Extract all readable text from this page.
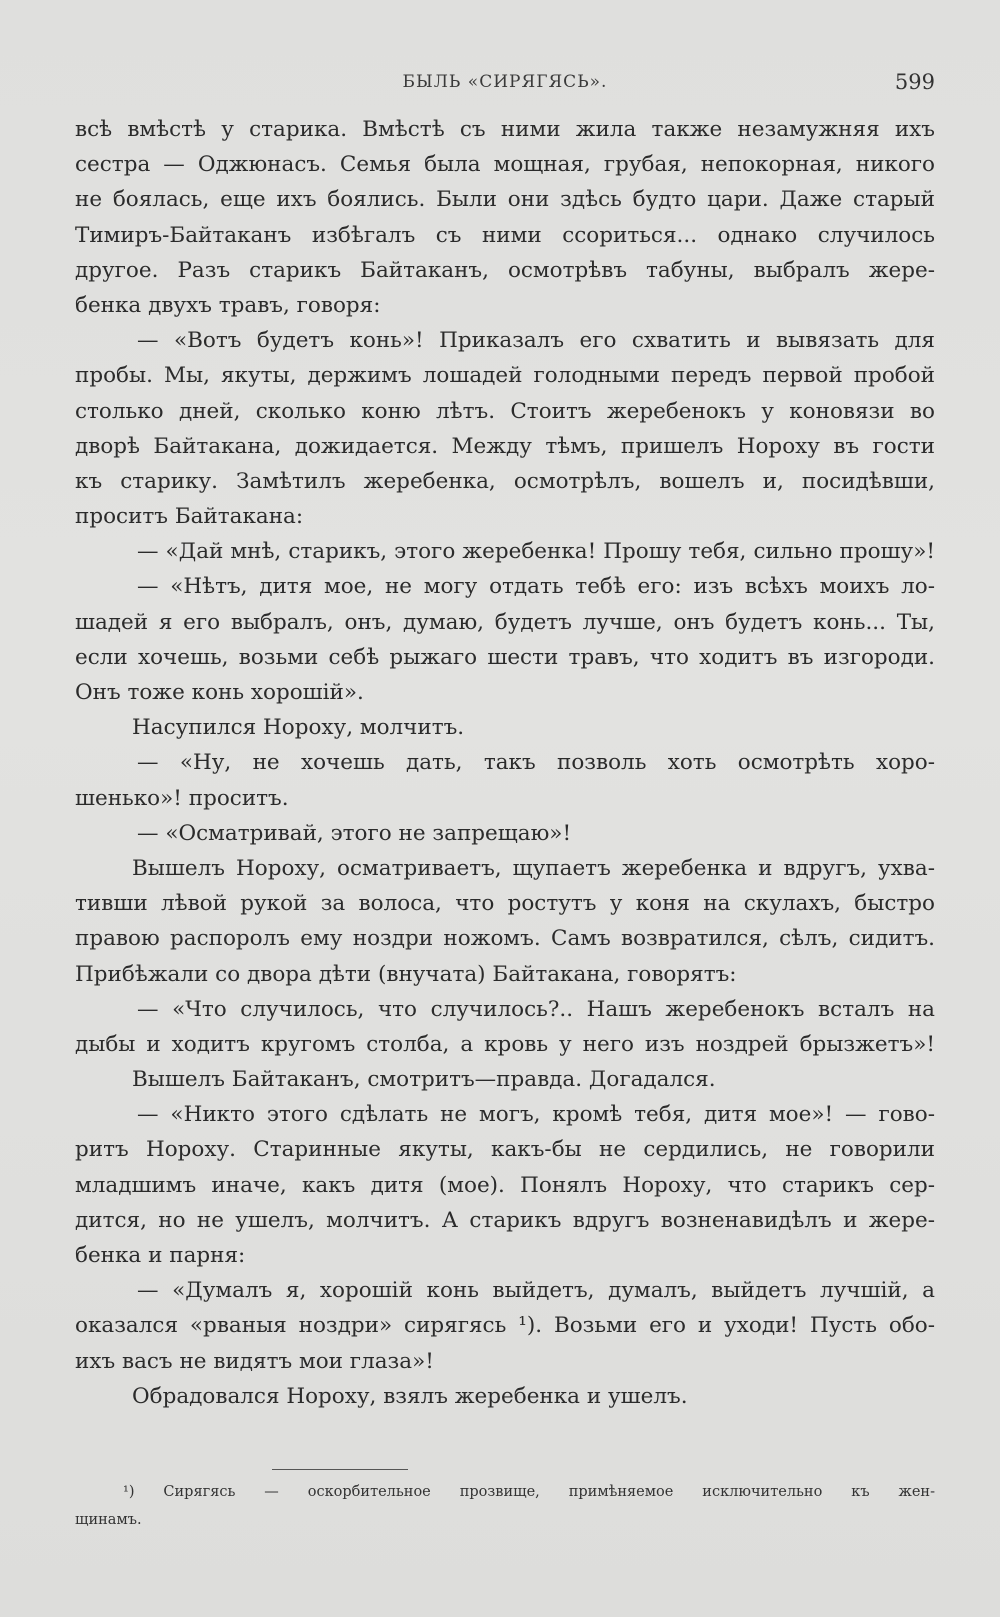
БЫЛЬ «СИРЯГЯСЬ».	599
всѣ вмѣстѣ у старика. Вмѣстѣ съ ними жила также незамужняя ихъ
сестра — Оджюнасъ. Семья была мощная, грубая, непокорная, никого
не боялась, еще ихъ боялись. Были они здѣсь будто цари. Даже старый
Тимиръ-Байтаканъ избѣгалъ съ ними ссориться... однако случилось
другое. Разъ старикъ Байтаканъ, осмотрѣвъ табуны, выбралъ жере-
бенка двухъ травъ, говоря:
— «Вотъ будетъ конь»! Приказалъ его схватить и вывязать для
пробы. Мы, якуты, держимъ лошадей голодными передъ первой пробой
столько дней, сколько коню лѣтъ. Стоитъ жеребенокъ у коновязи во
дворѣ Байтакана, дожидается. Между тѣмъ, пришелъ Нороху въ гости
къ старику. Замѣтилъ жеребенка, осмотрѣлъ, вошелъ и, посидѣвши,
проситъ Байтакана:
— «Дай мнѣ, старикъ, этого жеребенка! Прошу тебя, сильно прошу»!
— «Нѣтъ, дитя мое, не могу отдать тебѣ его: изъ всѣхъ моихъ ло-
шадей я его выбралъ, онъ, думаю, будетъ лучше, онъ будетъ конь... Ты,
если хочешь, возьми себѣ рыжаго шести травъ, что ходитъ въ изгороди.
Онъ тоже конь хорошій».
Насупился Нороху, молчитъ.
— «Ну, не хочешь дать, такъ позволь хоть осмотрѣть хоро-
шенько»! проситъ.
— «Осматривай, этого не запрещаю»!
Вышелъ Нороху, осматриваетъ, щупаетъ жеребенка и вдругъ, ухва-
тивши лѣвой рукой за волоса, что ростутъ у коня на скулахъ, быстро
правою распоролъ ему ноздри ножомъ. Самъ возвратился, сѣлъ, сидитъ.
Прибѣжали со двора дѣти (внучата) Байтакана, говорятъ:
— «Что случилось, что случилось?.. Нашъ жеребенокъ всталъ на
дыбы и ходитъ кругомъ столба, а кровь у него изъ ноздрей брызжетъ»!
Вышелъ Байтаканъ, смотритъ—правда. Догадался.
— «Никто этого сдѣлать не могъ, кромѣ тебя, дитя мое»! — гово-
ритъ Нороху. Старинные якуты, какъ-бы не сердились, не говорили
младшимъ иначе, какъ дитя (мое). Понялъ Нороху, что старикъ сер-
дится, но не ушелъ, молчитъ. А старикъ вдругъ возненавидѣлъ и жере-
бенка и парня:
— «Думалъ я, хорошій конь выйдетъ, думалъ, выйдетъ лучшій, а
оказался «рваныя ноздри» сирягясь ¹). Возьми его и уходи! Пусть обо-
ихъ васъ не видятъ мои глаза»!
Обрадовался Нороху, взялъ жеребенка и ушелъ.
¹) Сирягясь — оскорбительное прозвище, примѣняемое исключительно къ жен-
щинамъ.
